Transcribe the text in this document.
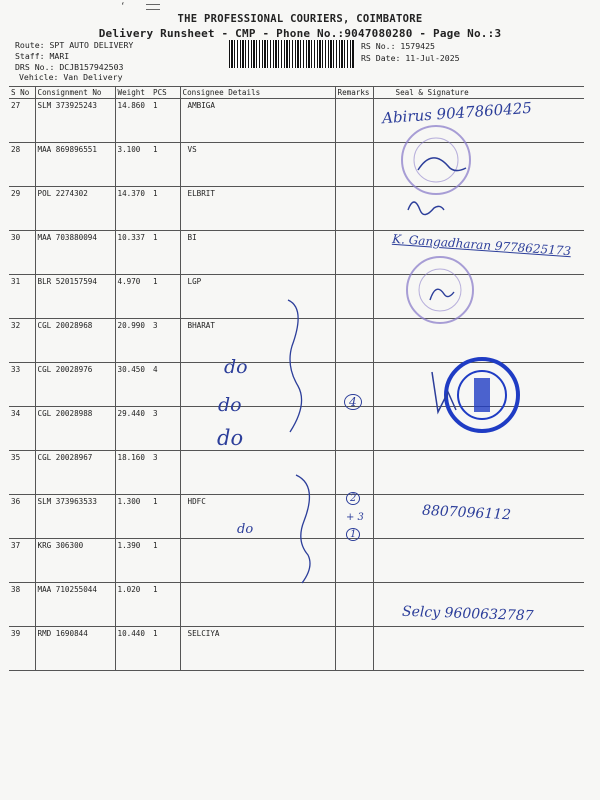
‘
THE PROFESSIONAL COURIERS, COIMBATORE
Delivery Runsheet - CMP - Phone No.:9047080280 - Page No.:3
Route: SPT AUTO DELIVERY
Staff: MARI
DRS No.: DCJB157942503
Vehicle: Van Delivery
RS No.: 1579425
RS Date: 11-Jul-2025
S No	Consignment No	Weight	PCS	Consignee Details	Remarks	Seal & Signature
27	SLM 373925243	14.860	1	AMBIGA		
28	MAA 869896551	3.100	1	VS		
29	POL 2274302	14.370	1	ELBRIT		
30	MAA 703880094	10.337	1	BI		
31	BLR 520157594	4.970	1	LGP		
32	CGL 20028968	20.990	3	BHARAT		
33	CGL 20028976	30.450	4			
34	CGL 20028988	29.440	3			
35	CGL 20028967	18.160	3			
36	SLM 373963533	1.300	1	HDFC		
37	KRG 306300	1.390	1			
38	MAA 710255044	1.020	1			
39	RMD 1690844	10.440	1	SELCIYA		
Abirus 9047860425
K. Gangadharan 9778625173
do
do
do
do
4
2
+ 3
1
8807096112
Selcy 9600632787
